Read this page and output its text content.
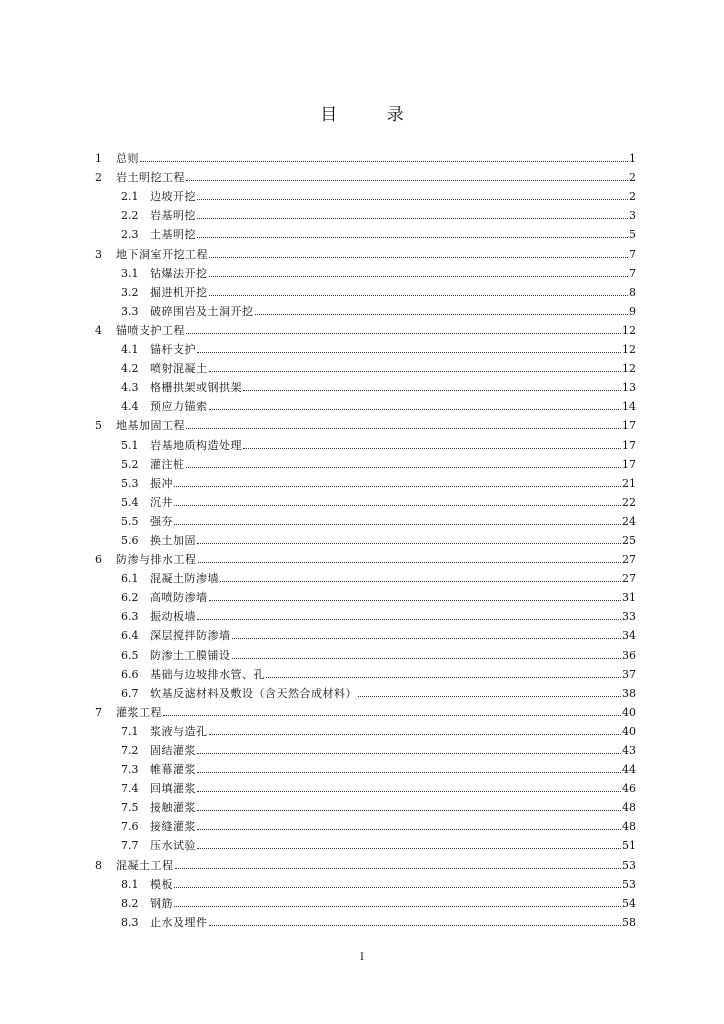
目 录
1	总则	1
2	岩土明挖工程	2
2.1	边坡开挖	2
2.2	岩基明挖	3
2.3	土基明挖	5
3	地下洞室开挖工程	7
3.1	钻爆法开挖	7
3.2	掘进机开挖	8
3.3	破碎围岩及土洞开挖	9
4	锚喷支护工程	12
4.1	锚杆支护	12
4.2	喷射混凝土	12
4.3	格栅拱架或钢拱架	13
4.4	预应力锚索	14
5	地基加固工程	17
5.1	岩基地质构造处理	17
5.2	灌注桩	17
5.3	振冲	21
5.4	沉井	22
5.5	强夯	24
5.6	换土加固	25
6	防渗与排水工程	27
6.1	混凝土防渗墙	27
6.2	高喷防渗墙	31
6.3	振动板墙	33
6.4	深层搅拌防渗墙	34
6.5	防渗土工膜铺设	36
6.6	基础与边坡排水管、孔	37
6.7	软基反滤材料及敷设（含天然合成材料）	38
7	灌浆工程	40
7.1	浆液与造孔	40
7.2	固结灌浆	43
7.3	帷幕灌浆	44
7.4	回填灌浆	46
7.5	接触灌浆	48
7.6	接缝灌浆	48
7.7	压水试验	51
8	混凝土工程	53
8.1	模板	53
8.2	钢筋	54
8.3	止水及埋件	58
I
